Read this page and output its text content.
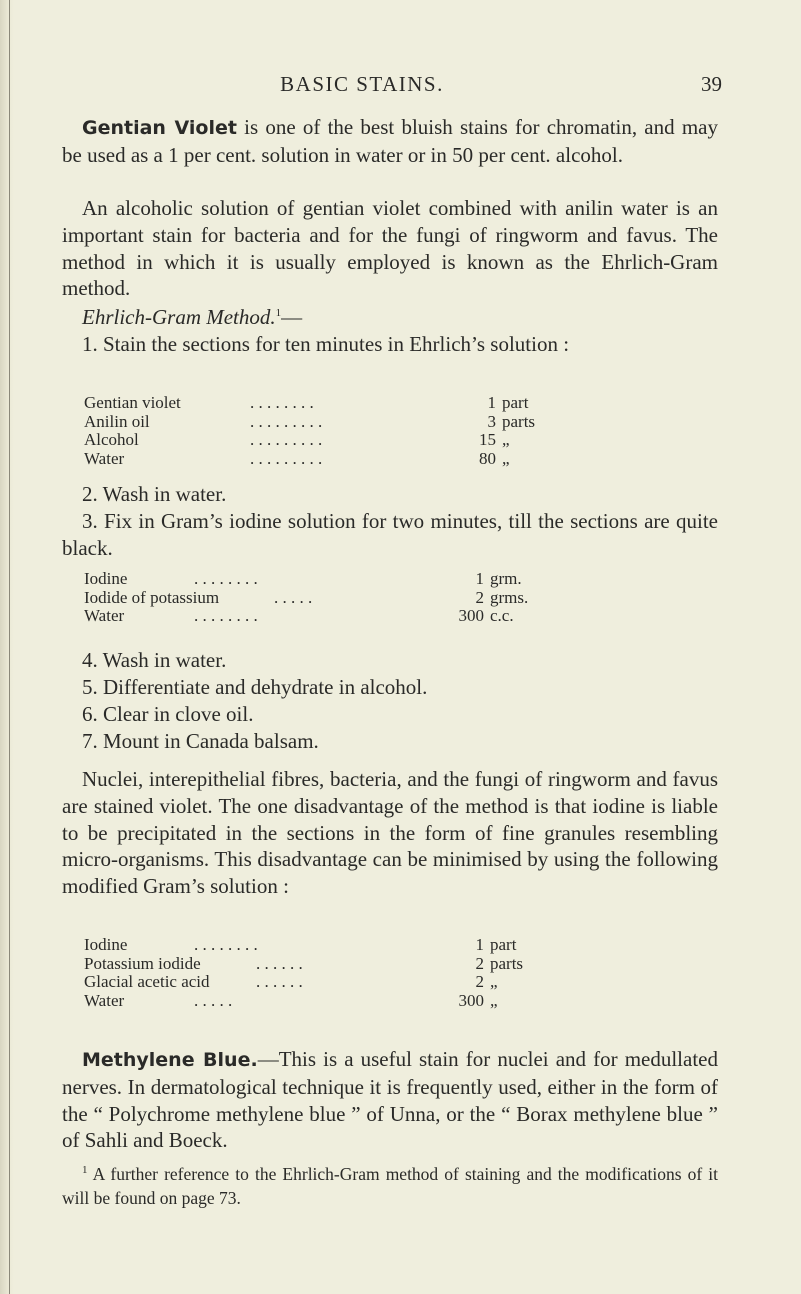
BASIC STAINS.	39

Gentian Violet is one of the best bluish stains for chromatin, and may be used as a 1 per cent. solution in water or in 50 per cent. alcohol.

An alcoholic solution of gentian violet combined with anilin water is an important stain for bacteria and for the fungi of ringworm and favus. The method in which it is usually employed is known as the Ehrlich-Gram method.

Ehrlich-Gram Method.$^1$—

1. Stain the sections for ten minutes in Ehrlich’s solution :

Gentian violet	. . . . . . . .	1 part
Anilin oil	. . . . . . . . .	3 parts
Alcohol	. . . . . . . . .	15 „
Water	. . . . . . . . .	80 „

2. Wash in water.

3. Fix in Gram’s iodine solution for two minutes, till the sections are quite black.

Iodine	. . . . . . . .	1 grm.
Iodide of potassium	. . . . .	2 grms.
Water	. . . . . . . .	300 c.c.

4. Wash in water.

5. Differentiate and dehydrate in alcohol.

6. Clear in clove oil.

7. Mount in Canada balsam.

Nuclei, interepithelial fibres, bacteria, and the fungi of ringworm and favus are stained violet. The one disadvantage of the method is that iodine is liable to be precipitated in the sections in the form of fine granules resembling micro-organisms. This disadvantage can be minimised by using the following modified Gram’s solution :

Iodine	. . . . . . . .	1 part
Potassium iodide	. . . . . .	2 parts
Glacial acetic acid	. . . . . .	2 „
Water	. . . . .	300 „

Methylene Blue.—This is a useful stain for nuclei and for medullated nerves. In dermatological technique it is frequently used, either in the form of the “ Polychrome methylene blue ” of Unna, or the “ Borax methylene blue ” of Sahli and Boeck.

$^1$ A further reference to the Ehrlich-Gram method of staining and the modifications of it will be found on page 73.
